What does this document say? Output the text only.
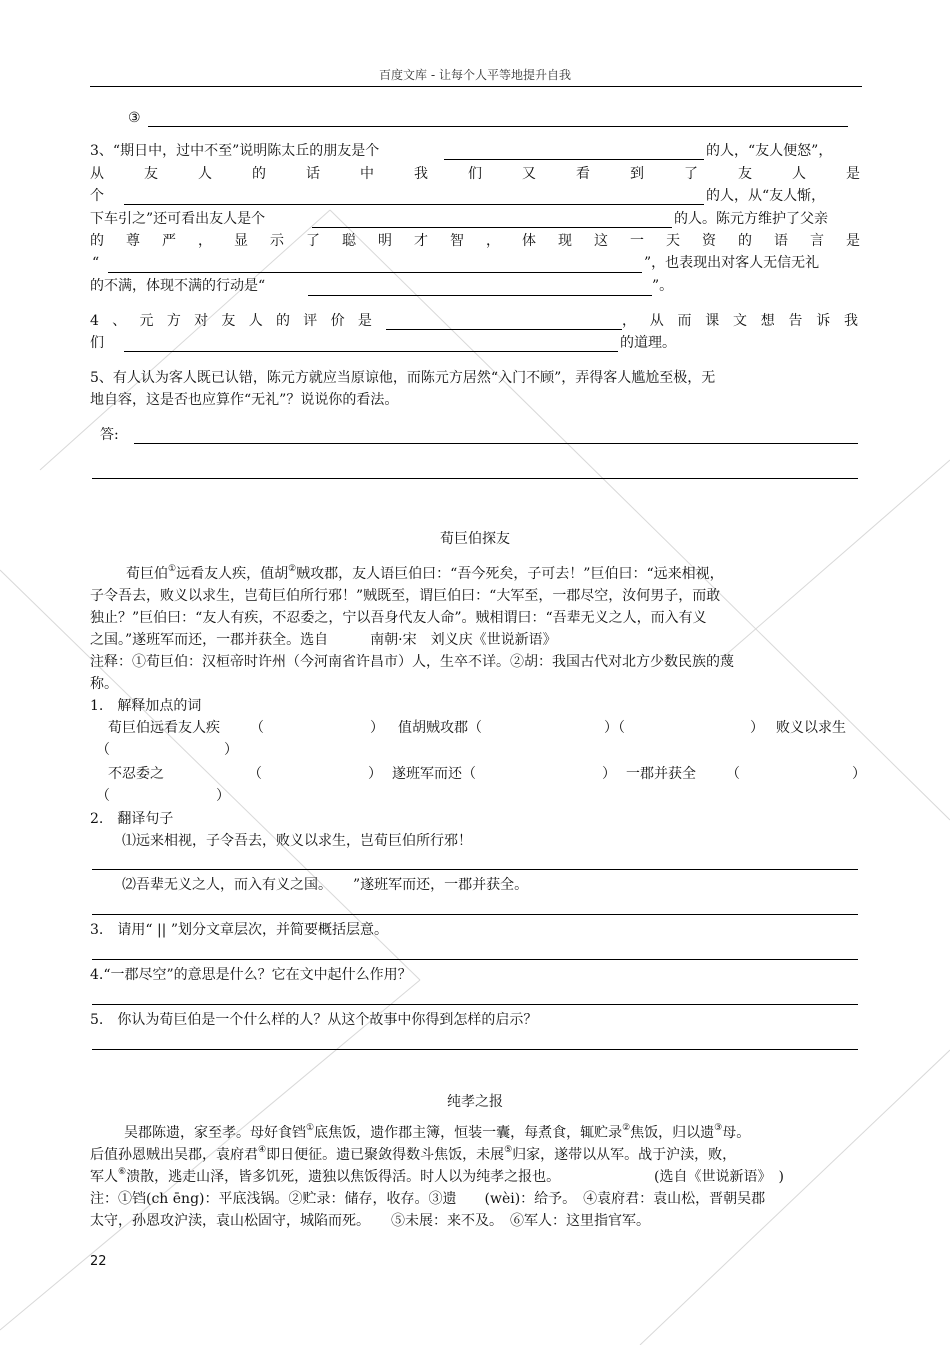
百度文库 - 让每个人平等地提升自我
③
3、“期日中，过中不至”说明陈太丘的朋友是个	的人，“友人便怒”，
从	友	人	的	话	中	我	们	又	看	到	了	友	人	是
个	的人，从“友人惭，
下车引之”还可看出友人是个	的人。陈元方维护了父亲
的 尊 严 ， 显 示 了 聪 明 才 智 ， 体 现 这 一 天 资 的 语 言 是
“	”，也表现出对客人无信无礼
的不满，体现不满的行动是“	”。
4 、 元 方 对 友 人 的 评 价 是	， 从 而 课 文 想 告 诉 我
们	的道理。
5、有人认为客人既已认错，陈元方就应当原谅他，而陈元方居然“入门不顾”，弄得客人尴尬至极，无
地自容，这是否也应算作“无礼”？说说你的看法。
答:
荀巨伯探友
荀巨伯①远看友人疾，值胡②贼攻郡，友人语巨伯曰：“吾今死矣，子可去！”巨伯曰：“远来相视，
子令吾去，败义以求生，岂荀巨伯所行邪！”贼既至，谓巨伯曰：“大军至，一郡尽空，汝何男子，而敢
独止？”巨伯曰：“友人有疾，不忍委之，宁以吾身代友人命”。贼相谓曰：“吾辈无义之人，而入有义
之国。”遂班军而还，一郡并获全。选自　　　南朝·宋　刘义庆《世说新语》
注释：①荀巨伯：汉桓帝时许州（今河南省许昌市）人，生卒不详。②胡：我国古代对北方少数民族的蔑
称。
1.　解释加点的词
荀巨伯远看友人疾 （	） 值胡贼攻郡（	）（	） 败义以求生
（	）
不忍委之	（	） 遂班军而还（	） 一郡并获全 （	）
（	）
2.　翻译句子
⑴远来相视，子令吾去，败义以求生，岂荀巨伯所行邪！
⑵吾辈无义之人，而入有义之国。　　”遂班军而还，一郡并获全。
3.　请用“ || ”划分文章层次，并简要概括层意。
4.“一郡尽空”的意思是什么？它在文中起什么作用？
5.　你认为荀巨伯是一个什么样的人？从这个故事中你得到怎样的启示？
纯孝之报
吴郡陈遗，家至孝。母好食铛①底焦饭，遗作郡主簿，恒装一囊，每煮食，辄贮录②焦饭，归以遗③母。
后值孙恩贼出吴郡，袁府君④即日便征。遗已聚敛得数斗焦饭，未展⑤归家，遂带以从军。战于沪渎，败，
军人⑥溃散，逃走山泽，皆多饥死，遗独以焦饭得活。时人以为纯孝之报也。	(选自《世说新语》　)
注：①铛(ch ēng)：平底浅锅。②贮录：储存，收存。③遗　　(wèi)：给予。　④袁府君：袁山松，晋朝吴郡
太守，孙恩攻沪渎，袁山松固守，城陷而死。　　⑤未展：来不及。　⑥军人：这里指官军。
22
